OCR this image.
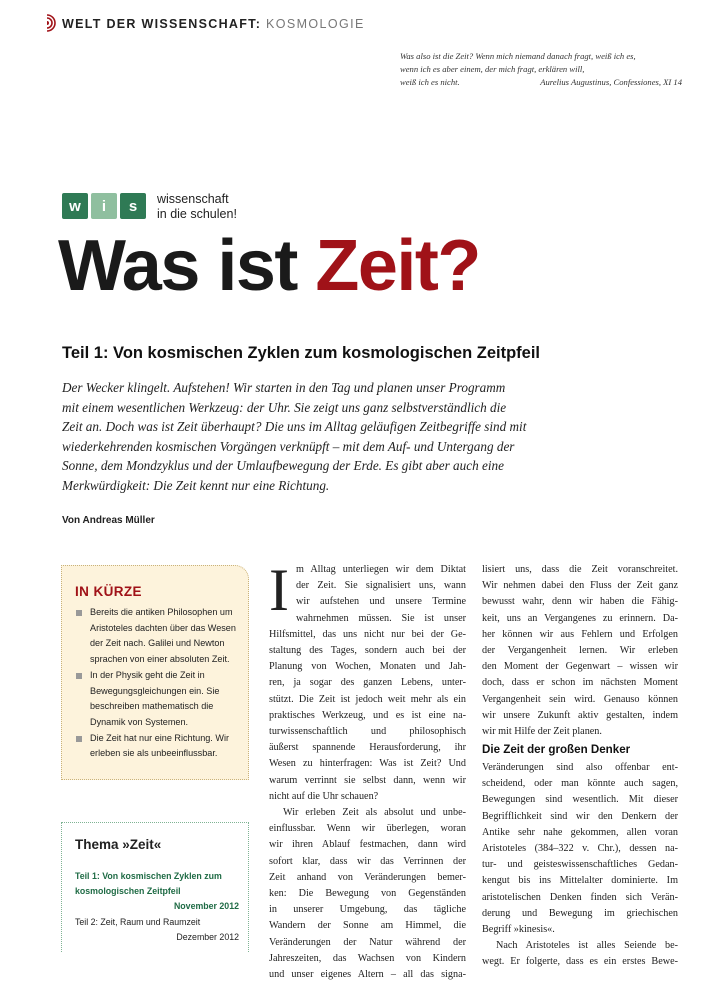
WELT DER WISSENSCHAFT: KOSMOLOGIE
Was also ist die Zeit? Wenn mich niemand danach fragt, weiß ich es,
wenn ich es aber einem, der mich fragt, erklären will,
weiß ich es nicht.	Aurelius Augustinus, Confessiones, XI 14
w	i	s	wissenschaft
in die schulen!
Was ist Zeit?
Teil 1: Von kosmischen Zyklen zum kosmologischen Zeitpfeil
Der Wecker klingelt. Aufstehen! Wir starten in den Tag und planen unser Programm
mit einem wesentlichen Werkzeug: der Uhr. Sie zeigt uns ganz selbstverständlich die
Zeit an. Doch was ist Zeit überhaupt? Die uns im Alltag geläufigen Zeitbegriffe sind mit
wiederkehrenden kosmischen Vorgängen verknüpft – mit dem Auf- und Untergang der
Sonne, dem Mondzyklus und der Umlaufbewegung der Erde. Es gibt aber auch eine
Merkwürdigkeit: Die Zeit kennt nur eine Richtung.
Von Andreas Müller
IN KÜRZE
Bereits die antiken Philosophen um Aristoteles dachten über das Wesen der Zeit nach. Galilei und Newton sprachen von einer absoluten Zeit.
In der Physik geht die Zeit in Bewegungsgleichungen ein. Sie beschreiben mathematisch die Dynamik von Systemen.
Die Zeit hat nur eine Richtung. Wir erleben sie als unbeeinflussbar.
Thema »Zeit«
Teil 1: Von kosmischen Zyklen zum kosmologischen Zeitpfeil
November 2012
Teil 2: Zeit, Raum und Raumzeit
Dezember 2012
I m Alltag unterliegen wir dem Diktat
der Zeit. Sie signalisiert uns, wann
wir aufstehen und unsere Termine
wahrnehmen müssen. Sie ist unser
Hilfsmittel, das uns nicht nur bei der Ge-
staltung des Tages, sondern auch bei der
Planung von Wochen, Monaten und Jah-
ren, ja sogar des ganzen Lebens, unter-
stützt. Die Zeit ist jedoch weit mehr als ein
praktisches Werkzeug, und es ist eine na-
turwissenschaftlich und philosophisch
äußerst spannende Herausforderung, ihr
Wesen zu hinterfragen: Was ist Zeit? Und
warum verrinnt sie selbst dann, wenn wir
nicht auf die Uhr schauen?
Wir erleben Zeit als absolut und unbe-
einflussbar. Wenn wir überlegen, woran
wir ihren Ablauf festmachen, dann wird
sofort klar, dass wir das Verrinnen der
Zeit anhand von Veränderungen bemer-
ken: Die Bewegung von Gegenständen
in unserer Umgebung, das tägliche
Wandern der Sonne am Himmel, die
Veränderungen der Natur während der
Jahreszeiten, das Wachsen von Kindern
und unser eigenes Altern – all das signa-
lisiert uns, dass die Zeit voranschreitet.
Wir nehmen dabei den Fluss der Zeit ganz
bewusst wahr, denn wir haben die Fähig-
keit, uns an Vergangenes zu erinnern. Da-
her können wir aus Fehlern und Erfolgen
der Vergangenheit lernen. Wir erleben
den Moment der Gegenwart – wissen wir
doch, dass er schon im nächsten Moment
Vergangenheit sein wird. Genauso können
wir unsere Zukunft aktiv gestalten, indem
wir mit Hilfe der Zeit planen.
Die Zeit der großen Denker
Veränderungen sind also offenbar ent-
scheidend, oder man könnte auch sagen,
Bewegungen sind wesentlich. Mit dieser
Begrifflichkeit sind wir den Denkern der
Antike sehr nahe gekommen, allen voran
Aristoteles (384–322 v. Chr.), dessen na-
tur- und geisteswissenschaftliches Gedan-
kengut bis ins Mittelalter dominierte. Im
aristotelischen Denken finden sich Verän-
derung und Bewegung im griechischen
Begriff »kinesis«.
Nach Aristoteles ist alles Seiende be-
wegt. Er folgerte, dass es ein erstes Bewe-
